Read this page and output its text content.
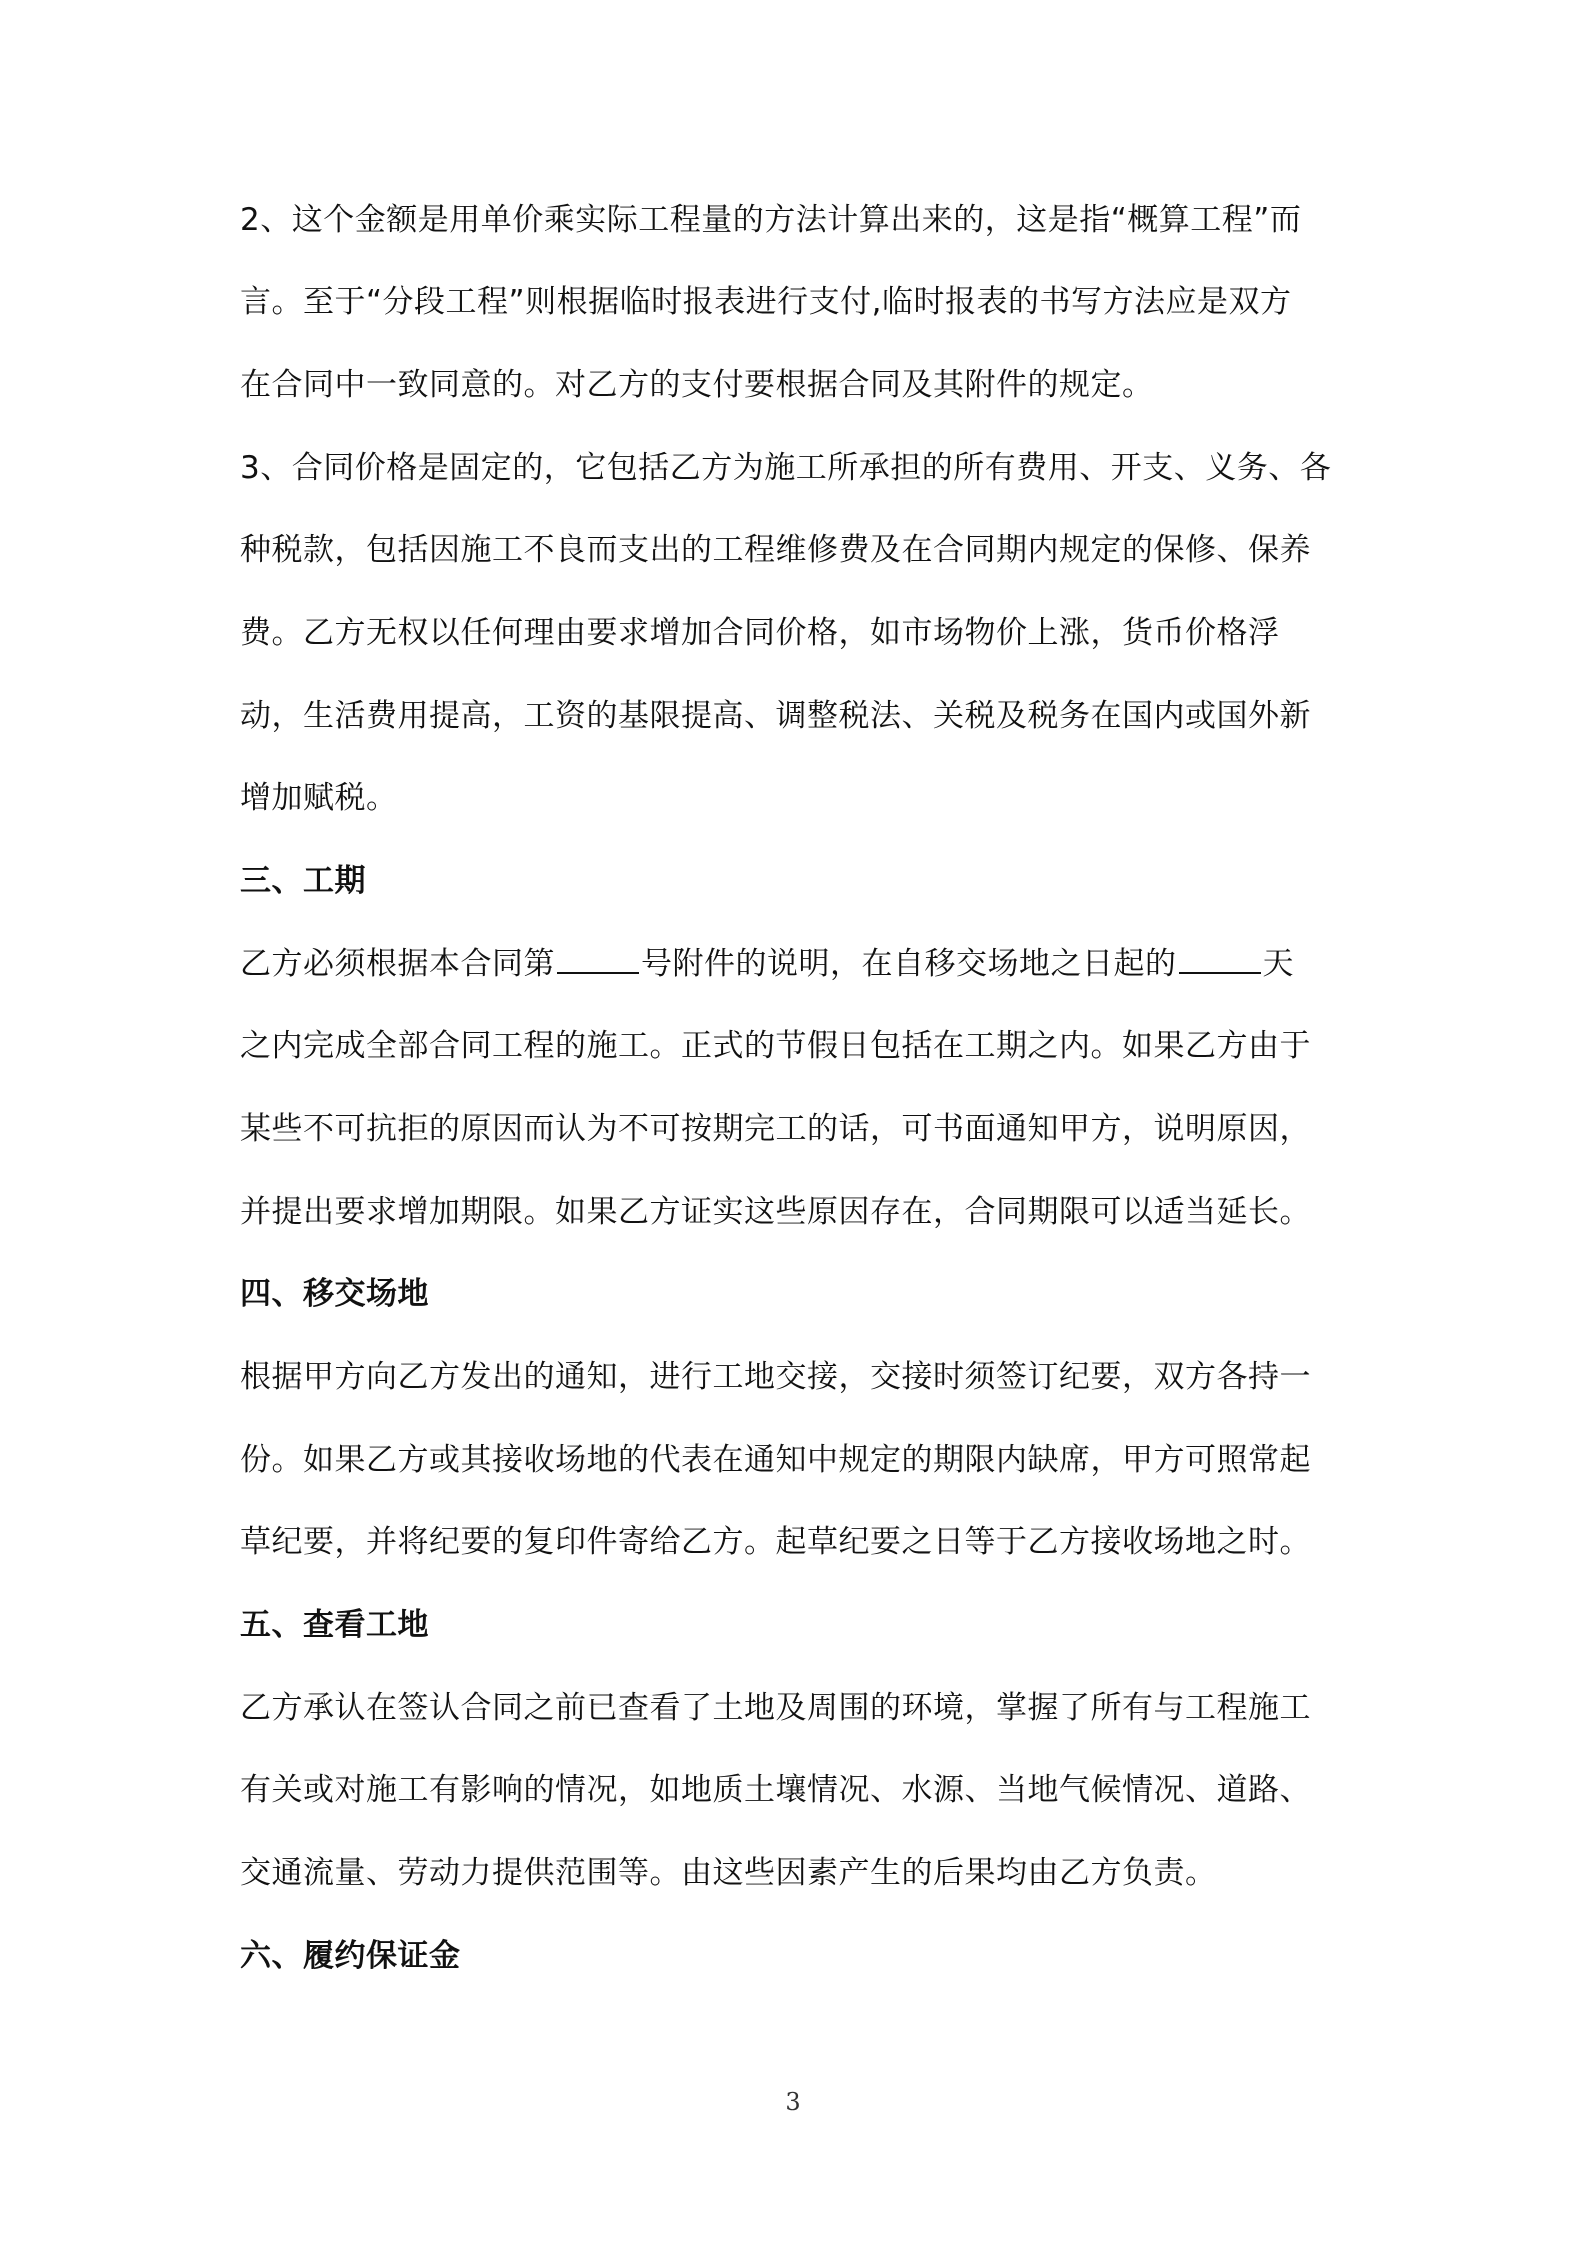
2、这个金额是用单价乘实际工程量的方法计算出来的，这是指“概算工程”而
言。至于“分段工程”则根据临时报表进行支付,临时报表的书写方法应是双方
在合同中一致同意的。对乙方的支付要根据合同及其附件的规定。
3、合同价格是固定的，它包括乙方为施工所承担的所有费用、开支、义务、各
种税款，包括因施工不良而支出的工程维修费及在合同期内规定的保修、保养
费。乙方无权以任何理由要求增加合同价格，如市场物价上涨，货币价格浮
动，生活费用提高，工资的基限提高、调整税法、关税及税务在国内或国外新
增加赋税。
三、工期
乙方必须根据本合同第	号附件的说明，在自移交场地之日起的	天
之内完成全部合同工程的施工。正式的节假日包括在工期之内。如果乙方由于
某些不可抗拒的原因而认为不可按期完工的话，可书面通知甲方，说明原因，
并提出要求增加期限。如果乙方证实这些原因存在，合同期限可以适当延长。
四、移交场地
根据甲方向乙方发出的通知，进行工地交接，交接时须签订纪要，双方各持一
份。如果乙方或其接收场地的代表在通知中规定的期限内缺席，甲方可照常起
草纪要，并将纪要的复印件寄给乙方。起草纪要之日等于乙方接收场地之时。
五、查看工地
乙方承认在签认合同之前已查看了土地及周围的环境，掌握了所有与工程施工
有关或对施工有影响的情况，如地质土壤情况、水源、当地气候情况、道路、
交通流量、劳动力提供范围等。由这些因素产生的后果均由乙方负责。
六、履约保证金
3
